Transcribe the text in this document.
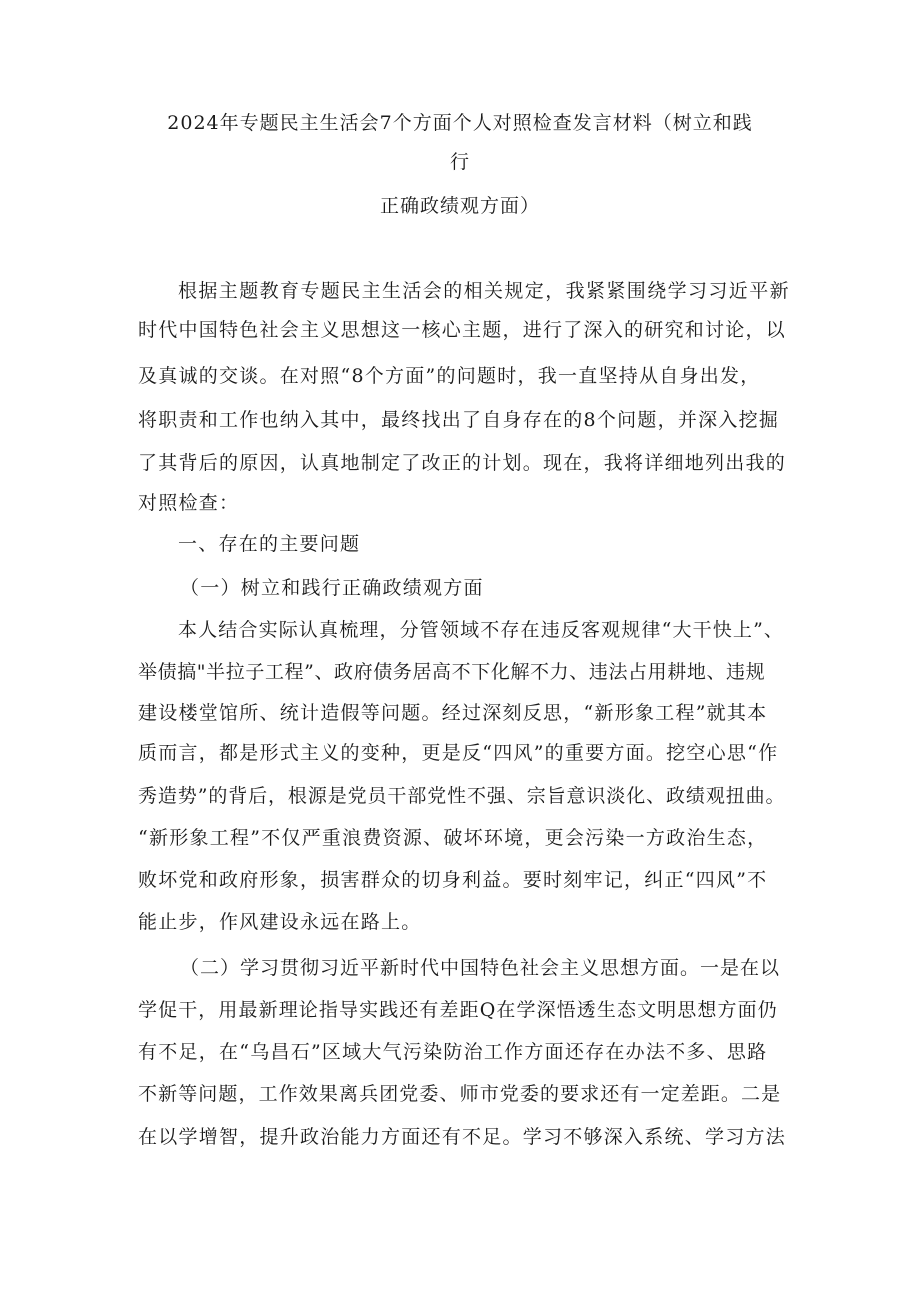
2024年专题民主生活会7个方面个人对照检查发言材料（树立和践
行
正确政绩观方面）
根据主题教育专题民主生活会的相关规定，我紧紧围绕学习习近平新
时代中国特色社会主义思想这一核心主题，进行了深入的研究和讨论，以
及真诚的交谈。在对照“8个方面”的问题时，我一直坚持从自身出发，
将职责和工作也纳入其中，最终找出了自身存在的8个问题，并深入挖掘
了其背后的原因，认真地制定了改正的计划。现在，我将详细地列出我的
对照检查：
一、存在的主要问题
（一）树立和践行正确政绩观方面
本人结合实际认真梳理，分管领域不存在违反客观规律“大干快上”、
举债搞"半拉子工程”、政府债务居高不下化解不力、违法占用耕地、违规
建设楼堂馆所、统计造假等问题。经过深刻反思，“新形象工程”就其本
质而言，都是形式主义的变种，更是反“四风”的重要方面。挖空心思“作
秀造势”的背后，根源是党员干部党性不强、宗旨意识淡化、政绩观扭曲。
“新形象工程”不仅严重浪费资源、破坏环境，更会污染一方政治生态，
败坏党和政府形象，损害群众的切身利益。要时刻牢记，纠正“四风”不
能止步，作风建设永远在路上。
（二）学习贯彻习近平新时代中国特色社会主义思想方面。一是在以
学促干，用最新理论指导实践还有差距Q在学深悟透生态文明思想方面仍
有不足，在“乌昌石”区域大气污染防治工作方面还存在办法不多、思路
不新等问题，工作效果离兵团党委、师市党委的要求还有一定差距。二是
在以学增智，提升政治能力方面还有不足。学习不够深入系统、学习方法
